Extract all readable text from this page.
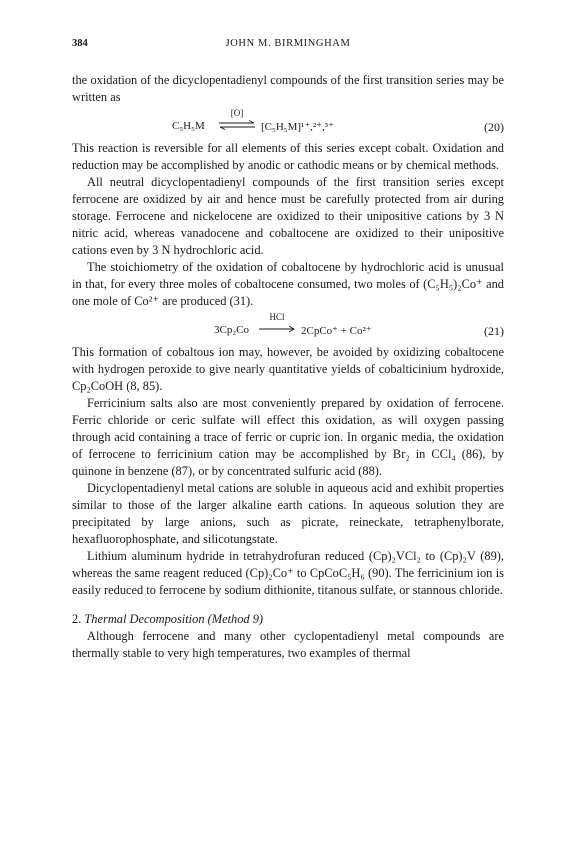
384	JOHN M. BIRMINGHAM

the oxidation of the dicyclopentadienyl compounds of the first transition series may be written as

C₅H₅M
[O]
[C₅H₅M]¹⁺,²⁺,³⁺	(20)

This reaction is reversible for all elements of this series except cobalt. Oxidation and reduction may be accomplished by anodic or cathodic means or by chemical methods.

All neutral dicyclopentadienyl compounds of the first transition series except ferrocene are oxidized by air and hence must be carefully protected from air during storage. Ferrocene and nickelocene are oxidized to their unipositive cations by 3 N nitric acid, whereas vanadocene and cobaltocene are oxidized to their unipositive cations even by 3 N hydrochloric acid.

The stoichiometry of the oxidation of cobaltocene by hydrochloric acid is unusual in that, for every three moles of cobaltocene consumed, two moles of (C₅H₅)₂Co⁺ and one mole of Co²⁺ are produced (31).

3Cp₂Co
HCl
2CpCo⁺ + Co²⁺	(21)

This formation of cobaltous ion may, however, be avoided by oxidizing cobaltocene with hydrogen peroxide to give nearly quantitative yields of cobalticinium hydroxide, Cp₂CoOH (8, 85).

Ferricinium salts also are most conveniently prepared by oxidation of ferrocene. Ferric chloride or ceric sulfate will effect this oxidation, as will oxygen passing through acid containing a trace of ferric or cupric ion. In organic media, the oxidation of ferrocene to ferricinium cation may be accomplished by Br₂ in CCl₄ (86), by quinone in benzene (87), or by concentrated sulfuric acid (88).

Dicyclopentadienyl metal cations are soluble in aqueous acid and exhibit properties similar to those of the larger alkaline earth cations. In aqueous solution they are precipitated by large anions, such as picrate, reineckate, tetraphenylborate, hexafluorophosphate, and silicotungstate.

Lithium aluminum hydride in tetrahydrofuran reduced (Cp)₂VCl₂ to (Cp)₂V (89), whereas the same reagent reduced (Cp)₂Co⁺ to CpCoC₅H₆ (90). The ferricinium ion is easily reduced to ferrocene by sodium dithionite, titanous sulfate, or stannous chloride.

2. Thermal Decomposition (Method 9)

Although ferrocene and many other cyclopentadienyl metal compounds are thermally stable to very high temperatures, two examples of thermal
